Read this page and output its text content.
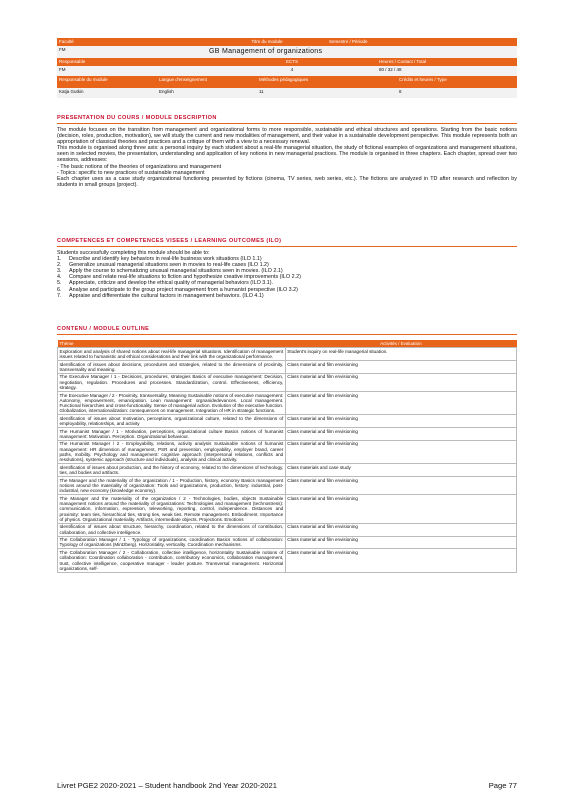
Faculté	Titre du module	Semestre / Période
FM	GB Management of organizations
Responsable	ECTS	Heures / Contact / Total
FM	4	80 / 32 / 48
Responsable du module	Langue d'enseignement	Méthodes pédagogiques	Crédits et heures / Type
Katja Gutkin	English	11	8
PRESENTATION DU COURS / MODULE DESCRIPTION

The module focuses on the transition from management and organizational forms to more responsible, sustainable and ethical structures and operations. Starting from the basic notions (decision, roles, production, motivation), we will study the current and new modalities of management, and their value in a sustainable development perspective. This module represents both an appropriation of classical theories and practices and a critique of them with a view to a necessary renewal.

This module is organised along three axis: a personal inquiry by each student about a real-life managerial situation, the study of fictional examples of organizations and management situations, seen in selected movies, the presentation, understanding and application of key notions in new managerial practices. The module is organised in three chapters. Each chapter, spread over two sessions, addresses:

- The basic notions of the theories of organizations and management

- Topics: specific to new practices of sustainable management

Each chapter uses as a case study organizational functioning presented by fictions (cinema, TV series, web series, etc.). The fictions are analyzed in TD after research and reflection by students in small groups (project).

COMPETENCES ET COMPETENCES VISEES / LEARNING OUTCOMES (ILO)
Students successfully completing this module should be able to:
1.	Describe and identify key behaviors in real-life business work situations (ILO 1.1)
2.	Generalize unusual managerial situations seen in movies to real-life cases (ILO 1.2)
3.	Apply the course to schematizing unusual managerial situations seen in movies. (ILO 2.1)
4.	Compare and relate real-life situations to fiction and hypothesize creative improvements (ILO 2.2)
5.	Appreciate, criticize and develop the ethical quality of managerial behaviors (ILO 3.1).
6.	Analyse and participate to the group project management from a humanist perspective (ILO 3.2)
7.	Appraise and differentiate the cultural factors in management behaviors. (ILO 4.1)
CONTENU / MODULE OUTLINE
Thème	Activités / Evaluation
Exploration and analysis of shared notions about real-life managerial situations. Identification of management issues related to humanistic and ethical considerations and their link with the organizational performance.	Student's inquiry on real-life managerial situation.
Identification of issues about decisions, procedures and strategies, related to the dimensions of proximity, transversality and meaning.	Class material and film envisioning
The Executive Manager / 1 - Decisions, procedures, strategies Basics of executive management: Decision, negotiation, regulation. Procedures and processes. Standardization, control. Effectiveness, efficiency, strategy.	Class material and film envisioning
The Executive Manager / 2 - Proximity, transversality, Meaning Sustainable notions of executive management: Autonomy, empowerment, emancipation. Lean management: orgnanidedevances. Local management. Functional hierarchies and cross-functionality. Sense of managerial action. Evolution of the executive function. Globalization, internationalization: consequences on management. Integration of HR in strategic functions.	Class material and film envisioning
Identification of issues about motivation, perceptions, organizational culture, related to the dimensions of employability, relationships, and activity	Class material and film envisioning
The Humanist Manager / 1 - Motivation, perceptions, organizational culture Basics notions of humanist management: Motivation. Perception. Organizational behaviour.	Class material and film envisioning
The Humanist Manager / 2 - Employability, relations, activity analysis Sustainable notions of humanist management: HR dimension of management, PSR and prevention, employability, employer brand, career paths, mobility. Psychology and management: cognitive approach (interpersonal relations, conflicts and resolutions), systemic approach (structure and individuals), analysis and clinical activity.	Class material and film envisioning
Identification of issues about production, and the history of economy, related to the dimensions of technology, ties, and bodies and artifacts.	Class materials and case study
The Manager and the materiality of the organization / 1 - Production, history, economy Basics management notions around the materiality of organization: Tools and organizations, production, history: industrial, post-industrial, new economy (knowledge economy).	Class material and film envisioning
The Manager and the materiality of the organization / 2 - Technologies, bodies, objects Sustainable management notions around the materiality of organizations: Technologies and management (technostress): communication, information, expression, teleworking, reporting, control, independence. Distances and proximity: team ties, hierarchical ties, strong ties, weak ties. Remote management. Embodiment. Importance of physics. Organizational materiality. Artifacts, intermediate objects. Projections. Emotions	Class material and film envisioning
Identification of issues about structure, hierarchy, coordination, related to the dimensions of contribution, collaboration, and collective intelligence.	Class material and film envisioning
The Collaboration Manager / 1 - Typology of organizations, coordination Basics notions of collaboration: Typology of organizations (Mintzberg). Horizontality, verticality. Coordination mechanisms.	Class material and film envisioning
The Collaboration Manager / 2 - Collaboration, collective intelligence, horizontality Sustainable notions of collaboration: Coordination collaboration - contribution, contributory economics, collaboration management, trust, collective intelligence, cooperative manager - leader posture. Transversal management. Horizontal organizations, self-	Class material and film envisioning
Livret PGE2 2020-2021 – Student handbook 2nd Year 2020-2021	Page 77
